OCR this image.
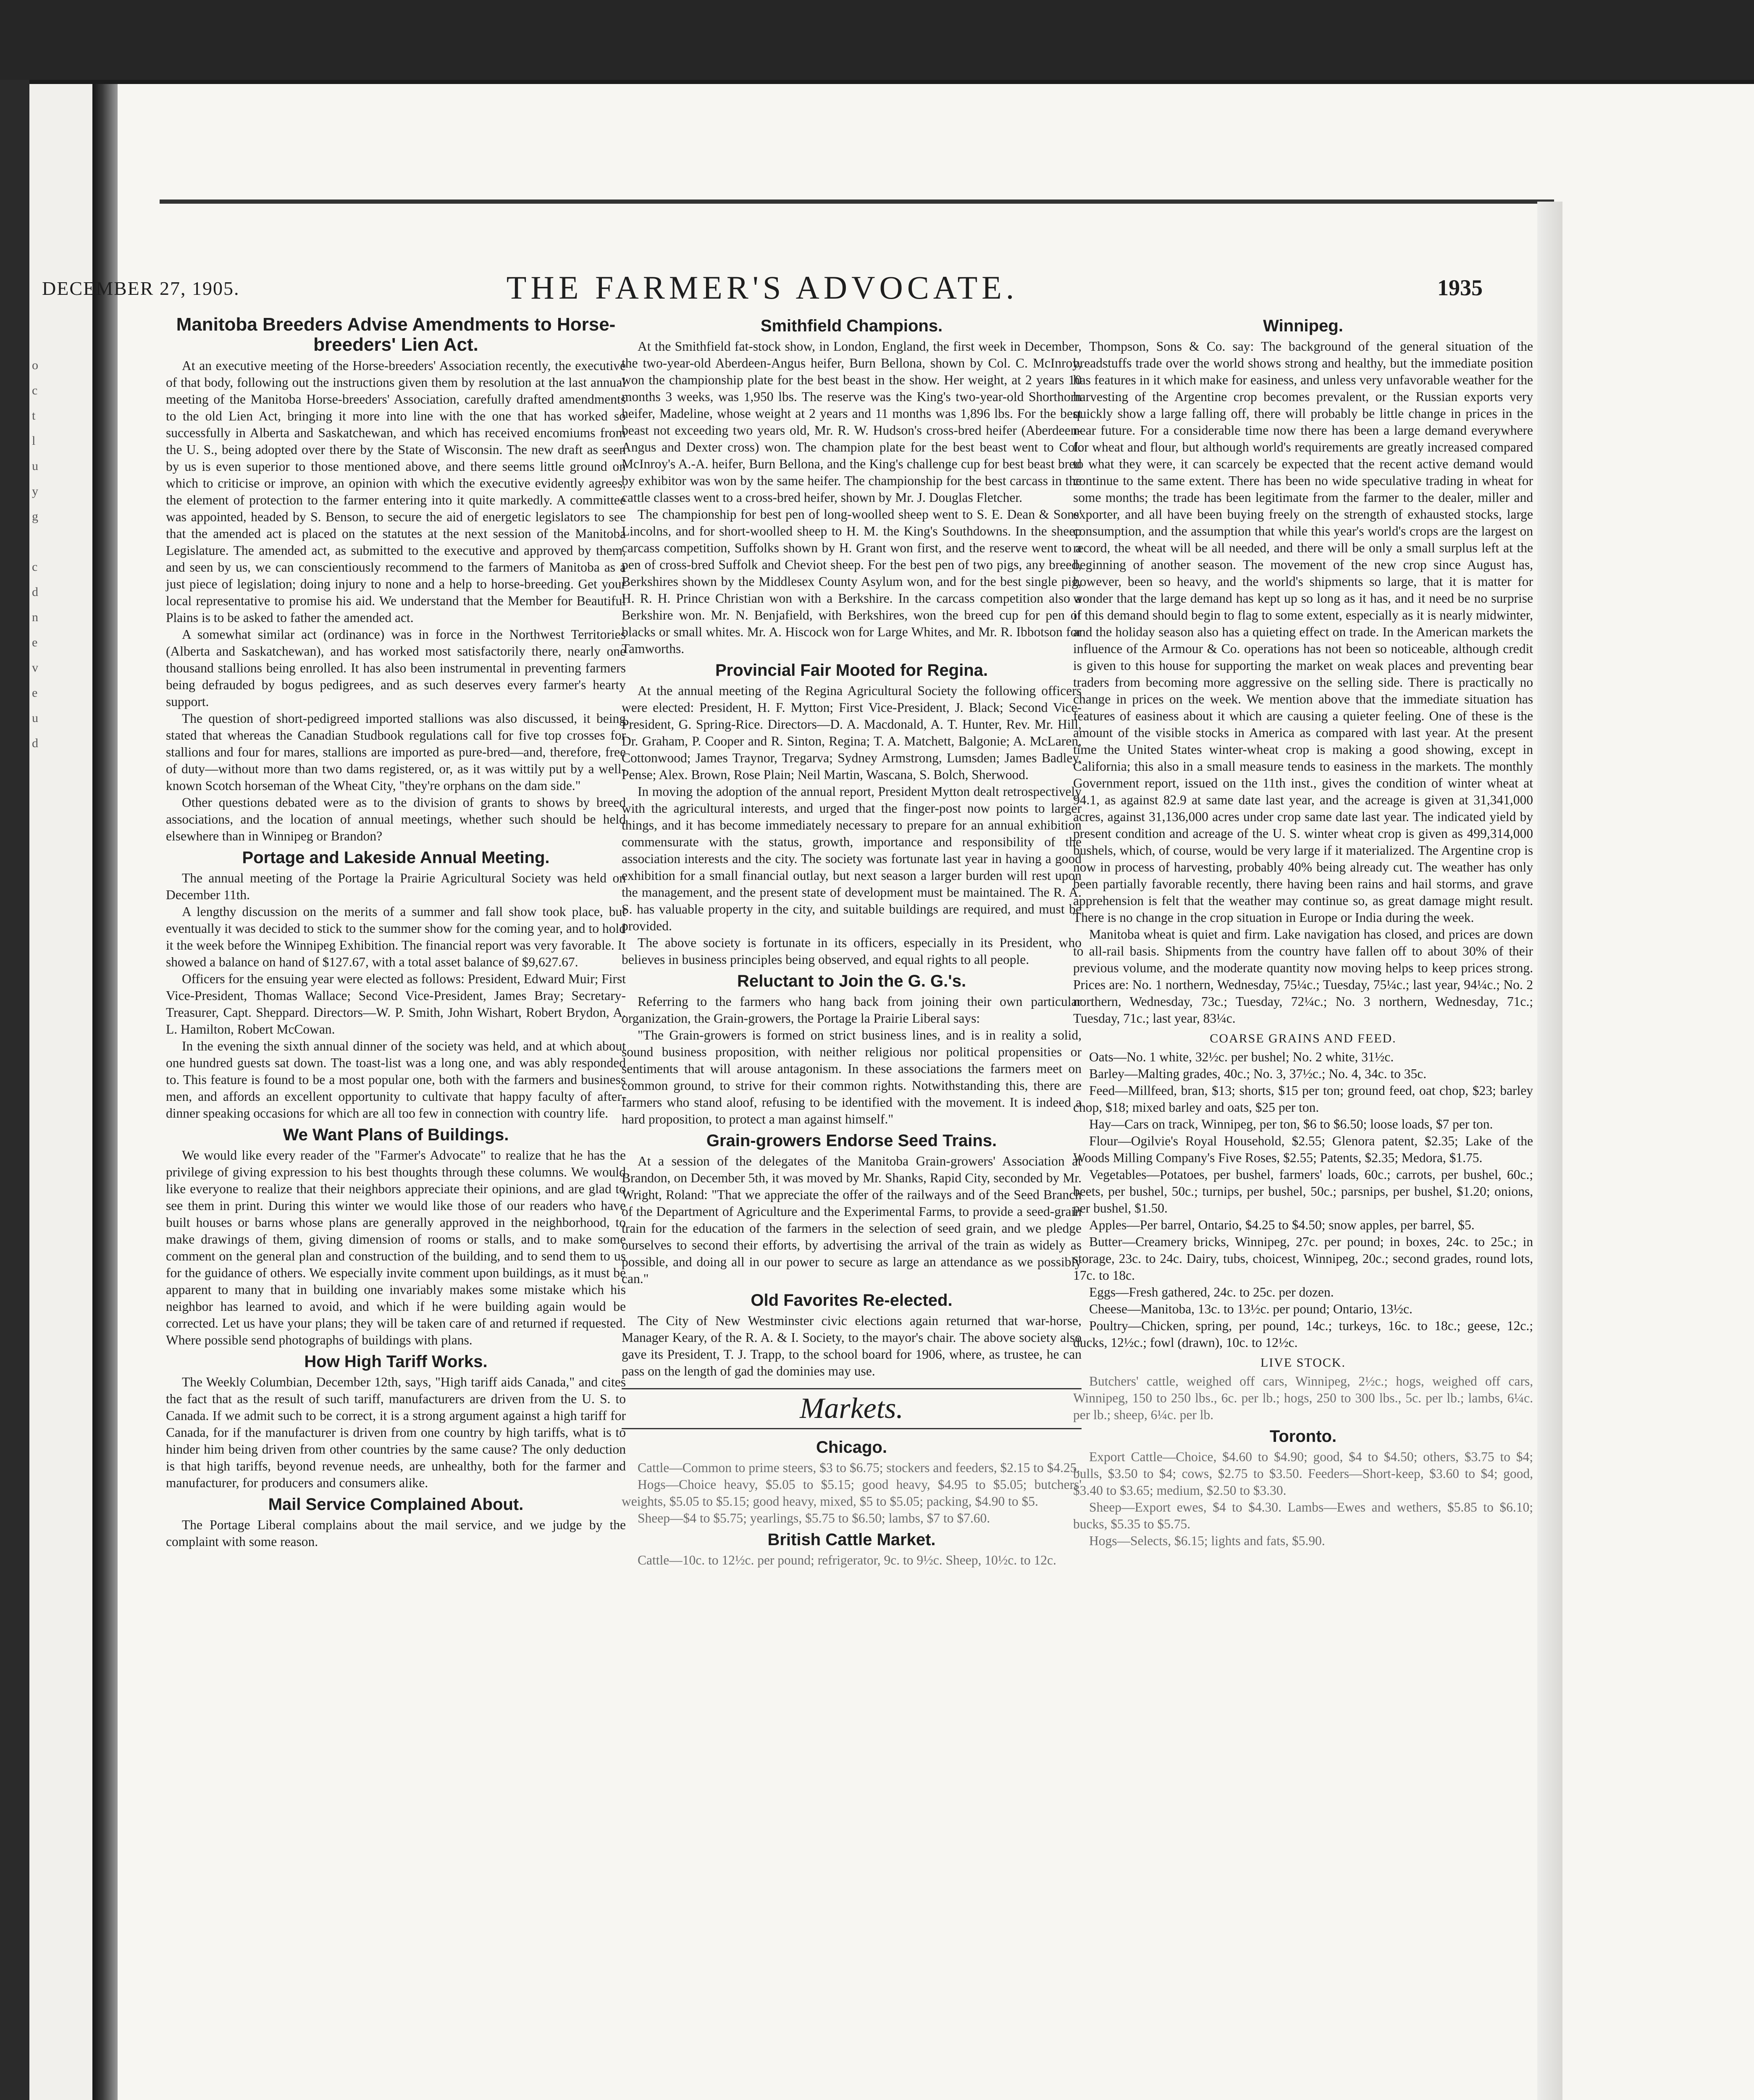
o
c
t
l
u
y
g

c
d
n
e
v
e
u
d
DECEMBER 27, 1905.	THE FARMER'S ADVOCATE.	1935
Manitoba Breeders Advise Amendments to Horse-breeders' Lien Act.

At an executive meeting of the Horse-breeders' Association recently, the executive of that body, following out the instructions given them by resolution at the last annual meeting of the Manitoba Horse-breeders' Association, carefully drafted amendments to the old Lien Act, bringing it more into line with the one that has worked so successfully in Alberta and Saskatchewan, and which has received encomiums from the U. S., being adopted over there by the State of Wisconsin. The new draft as seen by us is even superior to those mentioned above, and there seems little ground on which to criticise or improve, an opinion with which the executive evidently agrees, the element of protection to the farmer entering into it quite markedly. A committee was appointed, headed by S. Benson, to secure the aid of energetic legislators to see that the amended act is placed on the statutes at the next session of the Manitoba Legislature. The amended act, as submitted to the executive and approved by them, and seen by us, we can conscientiously recommend to the farmers of Manitoba as a just piece of legislation; doing injury to none and a help to horse-breeding. Get your local representative to promise his aid. We understand that the Member for Beautiful Plains is to be asked to father the amended act.

A somewhat similar act (ordinance) was in force in the Northwest Territories (Alberta and Saskatchewan), and has worked most satisfactorily there, nearly one thousand stallions being enrolled. It has also been instrumental in preventing farmers being defrauded by bogus pedigrees, and as such deserves every farmer's hearty support.

The question of short-pedigreed imported stallions was also discussed, it being stated that whereas the Canadian Studbook regulations call for five top crosses for stallions and four for mares, stallions are imported as pure-bred—and, therefore, free of duty—without more than two dams registered, or, as it was wittily put by a well-known Scotch horseman of the Wheat City, "they're orphans on the dam side."

Other questions debated were as to the division of grants to shows by breed associations, and the location of annual meetings, whether such should be held elsewhere than in Winnipeg or Brandon?

Portage and Lakeside Annual Meeting.

The annual meeting of the Portage la Prairie Agricultural Society was held on December 11th.

A lengthy discussion on the merits of a summer and fall show took place, but eventually it was decided to stick to the summer show for the coming year, and to hold it the week before the Winnipeg Exhibition. The financial report was very favorable. It showed a balance on hand of $127.67, with a total asset balance of $9,627.67.

Officers for the ensuing year were elected as follows: President, Edward Muir; First Vice-President, Thomas Wallace; Second Vice-President, James Bray; Secretary-Treasurer, Capt. Sheppard. Directors—W. P. Smith, John Wishart, Robert Brydon, A. L. Hamilton, Robert McCowan.

In the evening the sixth annual dinner of the society was held, and at which about one hundred guests sat down. The toast-list was a long one, and was ably responded to. This feature is found to be a most popular one, both with the farmers and business men, and affords an excellent opportunity to cultivate that happy faculty of after-dinner speaking occasions for which are all too few in connection with country life.

We Want Plans of Buildings.

We would like every reader of the "Farmer's Advocate" to realize that he has the privilege of giving expression to his best thoughts through these columns. We would like everyone to realize that their neighbors appreciate their opinions, and are glad to see them in print. During this winter we would like those of our readers who have built houses or barns whose plans are generally approved in the neighborhood, to make drawings of them, giving dimension of rooms or stalls, and to make some comment on the general plan and construction of the building, and to send them to us for the guidance of others. We especially invite comment upon buildings, as it must be apparent to many that in building one invariably makes some mistake which his neighbor has learned to avoid, and which if he were building again would be corrected. Let us have your plans; they will be taken care of and returned if requested. Where possible send photographs of buildings with plans.

How High Tariff Works.

The Weekly Columbian, December 12th, says, "High tariff aids Canada," and cites the fact that as the result of such tariff, manufacturers are driven from the U. S. to Canada. If we admit such to be correct, it is a strong argument against a high tariff for Canada, for if the manufacturer is driven from one country by high tariffs, what is to hinder him being driven from other countries by the same cause? The only deduction is that high tariffs, beyond revenue needs, are unhealthy, both for the farmer and manufacturer, for producers and consumers alike.

Mail Service Complained About.

The Portage Liberal complains about the mail service, and we judge by the complaint with some reason.

Smithfield Champions.

At the Smithfield fat-stock show, in London, England, the first week in December, the two-year-old Aberdeen-Angus heifer, Burn Bellona, shown by Col. C. McInroy, won the championship plate for the best beast in the show. Her weight, at 2 years 10 months 3 weeks, was 1,950 lbs. The reserve was the King's two-year-old Shorthorn heifer, Madeline, whose weight at 2 years and 11 months was 1,896 lbs. For the best beast not exceeding two years old, Mr. R. W. Hudson's cross-bred heifer (Aberdeen-Angus and Dexter cross) won. The champion plate for the best beast went to Col. McInroy's A.-A. heifer, Burn Bellona, and the King's challenge cup for best beast bred by exhibitor was won by the same heifer. The championship for the best carcass in the cattle classes went to a cross-bred heifer, shown by Mr. J. Douglas Fletcher.

The championship for best pen of long-woolled sheep went to S. E. Dean & Sons' Lincolns, and for short-woolled sheep to H. M. the King's Southdowns. In the sheep carcass competition, Suffolks shown by H. Grant won first, and the reserve went to a pen of cross-bred Suffolk and Cheviot sheep. For the best pen of two pigs, any breed, Berkshires shown by the Middlesex County Asylum won, and for the best single pig, H. R. H. Prince Christian won with a Berkshire. In the carcass competition also a Berkshire won. Mr. N. Benjafield, with Berkshires, won the breed cup for pen of blacks or small whites. Mr. A. Hiscock won for Large Whites, and Mr. R. Ibbotson for Tamworths.

Provincial Fair Mooted for Regina.

At the annual meeting of the Regina Agricultural Society the following officers were elected: President, H. F. Mytton; First Vice-President, J. Black; Second Vice-President, G. Spring-Rice. Directors—D. A. Macdonald, A. T. Hunter, Rev. Mr. Hill, Dr. Graham, P. Cooper and R. Sinton, Regina; T. A. Matchett, Balgonie; A. McLaren, Cottonwood; James Traynor, Tregarva; Sydney Armstrong, Lumsden; James Badley, Pense; Alex. Brown, Rose Plain; Neil Martin, Wascana, S. Bolch, Sherwood.

In moving the adoption of the annual report, President Mytton dealt retrospectively with the agricultural interests, and urged that the finger-post now points to larger things, and it has become immediately necessary to prepare for an annual exhibition commensurate with the status, growth, importance and responsibility of the association interests and the city. The society was fortunate last year in having a good exhibition for a small financial outlay, but next season a larger burden will rest upon the management, and the present state of development must be maintained. The R. A. S. has valuable property in the city, and suitable buildings are required, and must be provided.

The above society is fortunate in its officers, especially in its President, who believes in business principles being observed, and equal rights to all people.

Reluctant to Join the G. G.'s.

Referring to the farmers who hang back from joining their own particular organization, the Grain-growers, the Portage la Prairie Liberal says:

"The Grain-growers is formed on strict business lines, and is in reality a solid, sound business proposition, with neither religious nor political propensities or sentiments that will arouse antagonism. In these associations the farmers meet on common ground, to strive for their common rights. Notwithstanding this, there are farmers who stand aloof, refusing to be identified with the movement. It is indeed a hard proposition, to protect a man against himself."

Grain-growers Endorse Seed Trains.

At a session of the delegates of the Manitoba Grain-growers' Association at Brandon, on December 5th, it was moved by Mr. Shanks, Rapid City, seconded by Mr. Wright, Roland: "That we appreciate the offer of the railways and of the Seed Branch of the Department of Agriculture and the Experimental Farms, to provide a seed-grain train for the education of the farmers in the selection of seed grain, and we pledge ourselves to second their efforts, by advertising the arrival of the train as widely as possible, and doing all in our power to secure as large an attendance as we possibly can."

Old Favorites Re-elected.

The City of New Westminster civic elections again returned that war-horse, Manager Keary, of the R. A. & I. Society, to the mayor's chair. The above society also gave its President, T. J. Trapp, to the school board for 1906, where, as trustee, he can pass on the length of gad the dominies may use.

Markets.
Chicago.

Cattle—Common to prime steers, $3 to $6.75; stockers and feeders, $2.15 to $4.25.

Hogs—Choice heavy, $5.05 to $5.15; good heavy, $4.95 to $5.05; butchers' weights, $5.05 to $5.15; good heavy, mixed, $5 to $5.05; packing, $4.90 to $5.

Sheep—$4 to $5.75; yearlings, $5.75 to $6.50; lambs, $7 to $7.60.

British Cattle Market.

Cattle—10c. to 12½c. per pound; refrigerator, 9c. to 9½c. Sheep, 10½c. to 12c.

Winnipeg.

Thompson, Sons & Co. say: The background of the general situation of the breadstuffs trade over the world shows strong and healthy, but the immediate position has features in it which make for easiness, and unless very unfavorable weather for the harvesting of the Argentine crop becomes prevalent, or the Russian exports very quickly show a large falling off, there will probably be little change in prices in the near future. For a considerable time now there has been a large demand everywhere for wheat and flour, but although world's requirements are greatly increased compared to what they were, it can scarcely be expected that the recent active demand would continue to the same extent. There has been no wide speculative trading in wheat for some months; the trade has been legitimate from the farmer to the dealer, miller and exporter, and all have been buying freely on the strength of exhausted stocks, large consumption, and the assumption that while this year's world's crops are the largest on record, the wheat will be all needed, and there will be only a small surplus left at the beginning of another season. The movement of the new crop since August has, however, been so heavy, and the world's shipments so large, that it is matter for wonder that the large demand has kept up so long as it has, and it need be no surprise if this demand should begin to flag to some extent, especially as it is nearly midwinter, and the holiday season also has a quieting effect on trade. In the American markets the influence of the Armour & Co. operations has not been so noticeable, although credit is given to this house for supporting the market on weak places and preventing bear traders from becoming more aggressive on the selling side. There is practically no change in prices on the week. We mention above that the immediate situation has features of easiness about it which are causing a quieter feeling. One of these is the amount of the visible stocks in America as compared with last year. At the present time the United States winter-wheat crop is making a good showing, except in California; this also in a small measure tends to easiness in the markets. The monthly Government report, issued on the 11th inst., gives the condition of winter wheat at 94.1, as against 82.9 at same date last year, and the acreage is given at 31,341,000 acres, against 31,136,000 acres under crop same date last year. The indicated yield by present condition and acreage of the U. S. winter wheat crop is given as 499,314,000 bushels, which, of course, would be very large if it materialized. The Argentine crop is now in process of harvesting, probably 40% being already cut. The weather has only been partially favorable recently, there having been rains and hail storms, and grave apprehension is felt that the weather may continue so, as great damage might result. There is no change in the crop situation in Europe or India during the week.

Manitoba wheat is quiet and firm. Lake navigation has closed, and prices are down to all-rail basis. Shipments from the country have fallen off to about 30% of their previous volume, and the moderate quantity now moving helps to keep prices strong. Prices are: No. 1 northern, Wednesday, 75¼c.; Tuesday, 75¼c.; last year, 94¼c.; No. 2 northern, Wednesday, 73c.; Tuesday, 72¼c.; No. 3 northern, Wednesday, 71c.; Tuesday, 71c.; last year, 83¼c.

COARSE GRAINS AND FEED.

Oats—No. 1 white, 32½c. per bushel; No. 2 white, 31½c.

Barley—Malting grades, 40c.; No. 3, 37½c.; No. 4, 34c. to 35c.

Feed—Millfeed, bran, $13; shorts, $15 per ton; ground feed, oat chop, $23; barley chop, $18; mixed barley and oats, $25 per ton.

Hay—Cars on track, Winnipeg, per ton, $6 to $6.50; loose loads, $7 per ton.

Flour—Ogilvie's Royal Household, $2.55; Glenora patent, $2.35; Lake of the Woods Milling Company's Five Roses, $2.55; Patents, $2.35; Medora, $1.75.

Vegetables—Potatoes, per bushel, farmers' loads, 60c.; carrots, per bushel, 60c.; beets, per bushel, 50c.; turnips, per bushel, 50c.; parsnips, per bushel, $1.20; onions, per bushel, $1.50.

Apples—Per barrel, Ontario, $4.25 to $4.50; snow apples, per barrel, $5.

Butter—Creamery bricks, Winnipeg, 27c. per pound; in boxes, 24c. to 25c.; in storage, 23c. to 24c. Dairy, tubs, choicest, Winnipeg, 20c.; second grades, round lots, 17c. to 18c.

Eggs—Fresh gathered, 24c. to 25c. per dozen.

Cheese—Manitoba, 13c. to 13½c. per pound; Ontario, 13½c.

Poultry—Chicken, spring, per pound, 14c.; turkeys, 16c. to 18c.; geese, 12c.; ducks, 12½c.; fowl (drawn), 10c. to 12½c.

LIVE STOCK.

Butchers' cattle, weighed off cars, Winnipeg, 2½c.; hogs, weighed off cars, Winnipeg, 150 to 250 lbs., 6c. per lb.; hogs, 250 to 300 lbs., 5c. per lb.; lambs, 6¼c. per lb.; sheep, 6¼c. per lb.

Toronto.

Export Cattle—Choice, $4.60 to $4.90; good, $4 to $4.50; others, $3.75 to $4; bulls, $3.50 to $4; cows, $2.75 to $3.50. Feeders—Short-keep, $3.60 to $4; good, $3.40 to $3.65; medium, $2.50 to $3.30.

Sheep—Export ewes, $4 to $4.30. Lambs—Ewes and wethers, $5.85 to $6.10; bucks, $5.35 to $5.75.

Hogs—Selects, $6.15; lights and fats, $5.90.
